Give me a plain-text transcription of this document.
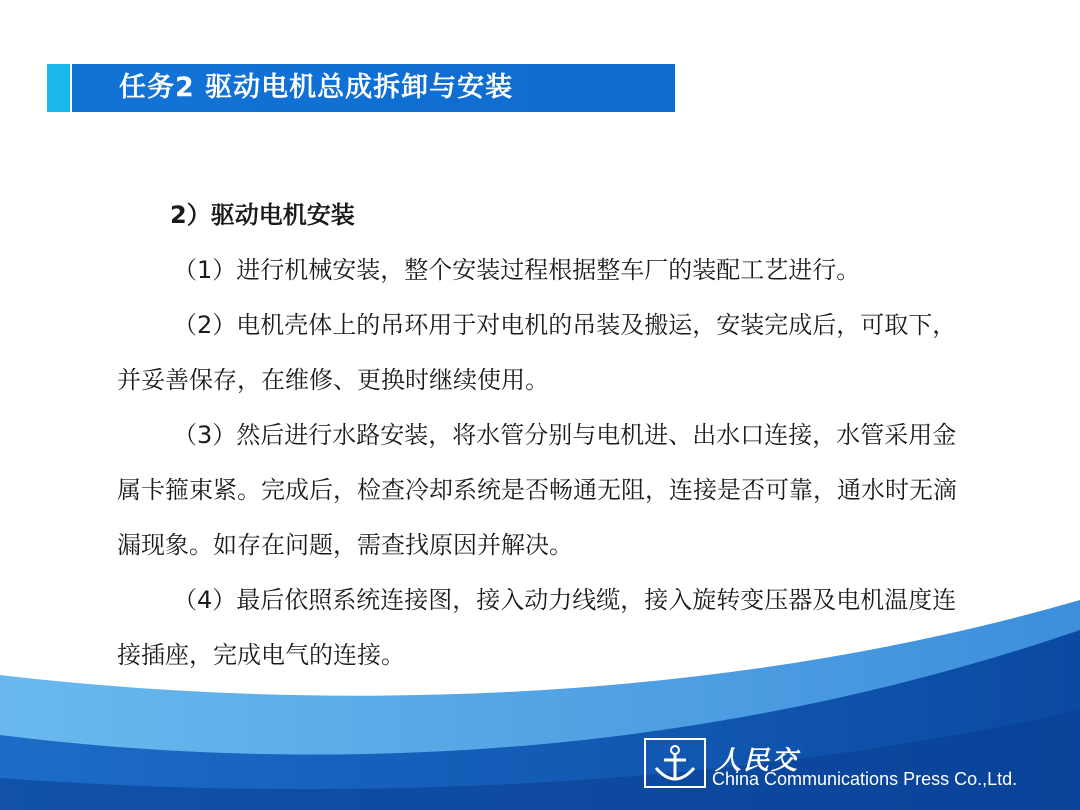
任务2 驱动电机总成拆卸与安装
2）驱动电机安装

（1）进行机械安装，整个安装过程根据整车厂的装配工艺进行。

（2）电机壳体上的吊环用于对电机的吊装及搬运，安装完成后，可取下，并妥善保存，在维修、更换时继续使用。

（3）然后进行水路安装，将水管分别与电机进、出水口连接，水管采用金属卡箍束紧。完成后，检查冷却系统是否畅通无阻，连接是否可靠，通水时无滴漏现象。如存在问题，需查找原因并解决。

（4）最后依照系统连接图，接入动力线缆，接入旋转变压器及电机温度连接插座，完成电气的连接。

人民交
China Communications Press Co.,Ltd.
